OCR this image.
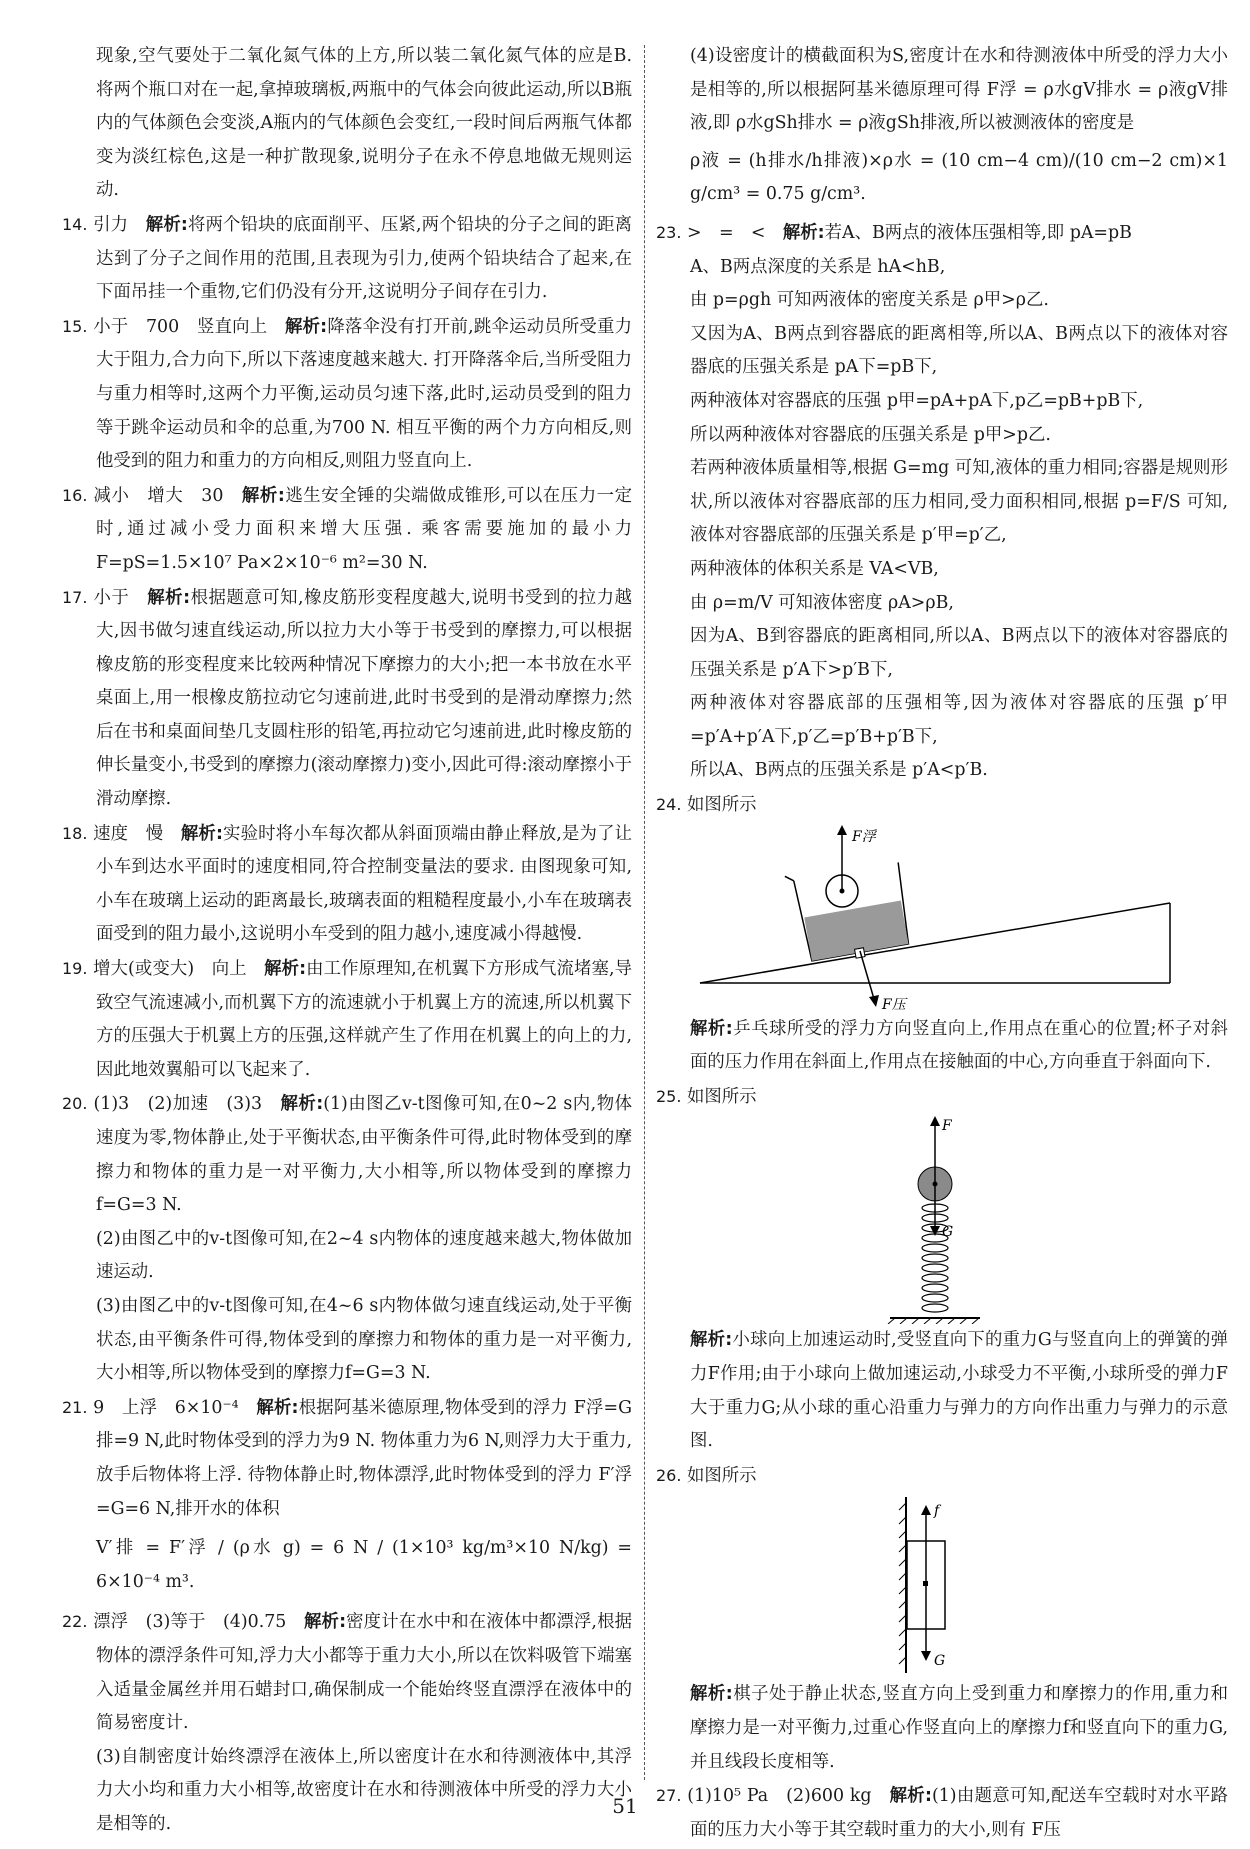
现象,空气要处于二氧化氮气体的上方,所以装二氧化氮气体的应是B. 将两个瓶口对在一起,拿掉玻璃板,两瓶中的气体会向彼此运动,所以B瓶内的气体颜色会变淡,A瓶内的气体颜色会变红,一段时间后两瓶气体都变为淡红棕色,这是一种扩散现象,说明分子在永不停息地做无规则运动.

14. 引力　 解析:将两个铅块的底面削平、压紧,两个铅块的分子之间的距离达到了分子之间作用的范围,且表现为引力,使两个铅块结合了起来,在下面吊挂一个重物,它们仍没有分开,这说明分子间存在引力.

15. 小于　700　竖直向上　 解析:降落伞没有打开前,跳伞运动员所受重力大于阻力,合力向下,所以下落速度越来越大. 打开降落伞后,当所受阻力与重力相等时,这两个力平衡,运动员匀速下落,此时,运动员受到的阻力等于跳伞运动员和伞的总重,为700 N. 相互平衡的两个力方向相反,则他受到的阻力和重力的方向相反,则阻力竖直向上.

16. 减小　增大　30　 解析:逃生安全锤的尖端做成锥形,可以在压力一定时,通过减小受力面积来增大压强. 乘客需要施加的最小力 F=pS=1.5×10⁷ Pa×2×10⁻⁶ m²=30 N.

17. 小于　 解析:根据题意可知,橡皮筋形变程度越大,说明书受到的拉力越大,因书做匀速直线运动,所以拉力大小等于书受到的摩擦力,可以根据橡皮筋的形变程度来比较两种情况下摩擦力的大小;把一本书放在水平桌面上,用一根橡皮筋拉动它匀速前进,此时书受到的是滑动摩擦力;然后在书和桌面间垫几支圆柱形的铅笔,再拉动它匀速前进,此时橡皮筋的伸长量变小,书受到的摩擦力(滚动摩擦力)变小,因此可得:滚动摩擦小于滑动摩擦.

18. 速度　慢　 解析:实验时将小车每次都从斜面顶端由静止释放,是为了让小车到达水平面时的速度相同,符合控制变量法的要求. 由图现象可知,小车在玻璃上运动的距离最长,玻璃表面的粗糙程度最小,小车在玻璃表面受到的阻力最小,这说明小车受到的阻力越小,速度减小得越慢.

19. 增大(或变大)　向上　 解析:由工作原理知,在机翼下方形成气流堵塞,导致空气流速减小,而机翼下方的流速就小于机翼上方的流速,所以机翼下方的压强大于机翼上方的压强,这样就产生了作用在机翼上的向上的力,因此地效翼船可以飞起来了.

20. (1)3　(2)加速　(3)3　 解析:(1)由图乙v-t图像可知,在0~2 s内,物体速度为零,物体静止,处于平衡状态,由平衡条件可得,此时物体受到的摩擦力和物体的重力是一对平衡力,大小相等,所以物体受到的摩擦力 f=G=3 N.

(2)由图乙中的v-t图像可知,在2~4 s内物体的速度越来越大,物体做加速运动.

(3)由图乙中的v-t图像可知,在4~6 s内物体做匀速直线运动,处于平衡状态,由平衡条件可得,物体受到的摩擦力和物体的重力是一对平衡力,大小相等,所以物体受到的摩擦力f=G=3 N.

21. 9　上浮　6×10⁻⁴　 解析:根据阿基米德原理,物体受到的浮力 F浮=G排=9 N,此时物体受到的浮力为9 N. 物体重力为6 N,则浮力大于重力,放手后物体将上浮. 待物体静止时,物体漂浮,此时物体受到的浮力 F′浮=G=6 N,排开水的体积

V′排 = F′浮 / (ρ水 g) = 6 N / (1×10³ kg/m³×10 N/kg) = 6×10⁻⁴ m³.

22. 漂浮　(3)等于　(4)0.75　 解析:密度计在水中和在液体中都漂浮,根据物体的漂浮条件可知,浮力大小都等于重力大小,所以在饮料吸管下端塞入适量金属丝并用石蜡封口,确保制成一个能始终竖直漂浮在液体中的简易密度计.

(3)自制密度计始终漂浮在液体上,所以密度计在水和待测液体中,其浮力大小均和重力大小相等,故密度计在水和待测液体中所受的浮力大小是相等的.

(4)设密度计的横截面积为S,密度计在水和待测液体中所受的浮力大小是相等的,所以根据阿基米德原理可得 F浮 = ρ水gV排水 = ρ液gV排液,即 ρ水gSh排水 = ρ液gSh排液,所以被测液体的密度是

ρ液 = (h排水/h排液)×ρ水 = (10 cm−4 cm)/(10 cm−2 cm)×1 g/cm³ = 0.75 g/cm³.

23. >　=　<　 解析:若A、B两点的液体压强相等,即 pA=pB

A、B两点深度的关系是 hA<hB,

由 p=ρgh 可知两液体的密度关系是 ρ甲>ρ乙.

又因为A、B两点到容器底的距离相等,所以A、B两点以下的液体对容器底的压强关系是 pA下=pB下,

两种液体对容器底的压强 p甲=pA+pA下,p乙=pB+pB下,

所以两种液体对容器底的压强关系是 p甲>p乙.

若两种液体质量相等,根据 G=mg 可知,液体的重力相同;容器是规则形状,所以液体对容器底部的压力相同,受力面积相同,根据 p=F/S 可知,液体对容器底部的压强关系是 p′甲=p′乙,

两种液体的体积关系是 VA<VB,

由 ρ=m/V 可知液体密度 ρA>ρB,

因为A、B到容器底的距离相同,所以A、B两点以下的液体对容器底的压强关系是 p′A下>p′B下,

两种液体对容器底部的压强相等,因为液体对容器底的压强 p′甲=p′A+p′A下,p′乙=p′B+p′B下,

所以A、B两点的压强关系是 p′A<p′B.

24. 如图所示

F浮
F压

解析:乒乓球所受的浮力方向竖直向上,作用点在重心的位置;杯子对斜面的压力作用在斜面上,作用点在接触面的中心,方向垂直于斜面向下.

25. 如图所示

F
G

解析:小球向上加速运动时,受竖直向下的重力G与竖直向上的弹簧的弹力F作用;由于小球向上做加速运动,小球受力不平衡,小球所受的弹力F大于重力G;从小球的重心沿重力与弹力的方向作出重力与弹力的示意图.

26. 如图所示

f
G

解析:棋子处于静止状态,竖直方向上受到重力和摩擦力的作用,重力和摩擦力是一对平衡力,过重心作竖直向上的摩擦力f和竖直向下的重力G,并且线段长度相等.

27. (1)10⁵ Pa　(2)600 kg　 解析:(1)由题意可知,配送车空载时对水平路面的压力大小等于其空载时重力的大小,则有 F压

51
